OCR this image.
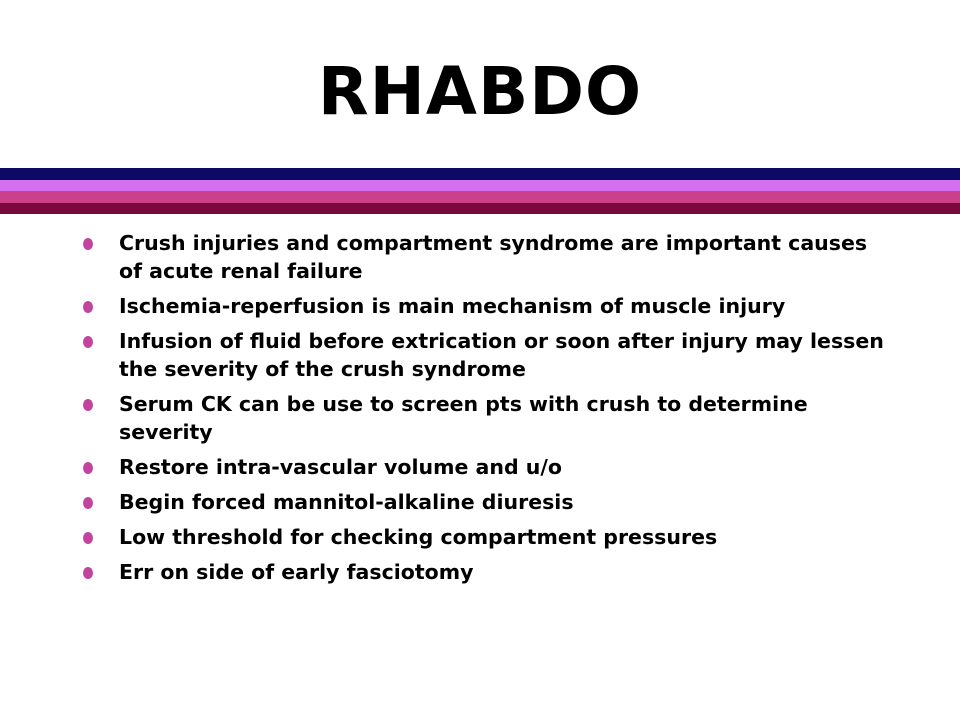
RHABDO
Crush injuries and compartment syndrome are important causes of acute renal failure
Ischemia-reperfusion is main mechanism of muscle injury
Infusion of fluid before extrication or soon after injury may lessen the severity of the crush syndrome
Serum CK can be use to screen pts with crush to determine severity
Restore intra-vascular volume and u/o
Begin forced mannitol-alkaline diuresis
Low threshold for checking compartment pressures
Err on side of early fasciotomy
